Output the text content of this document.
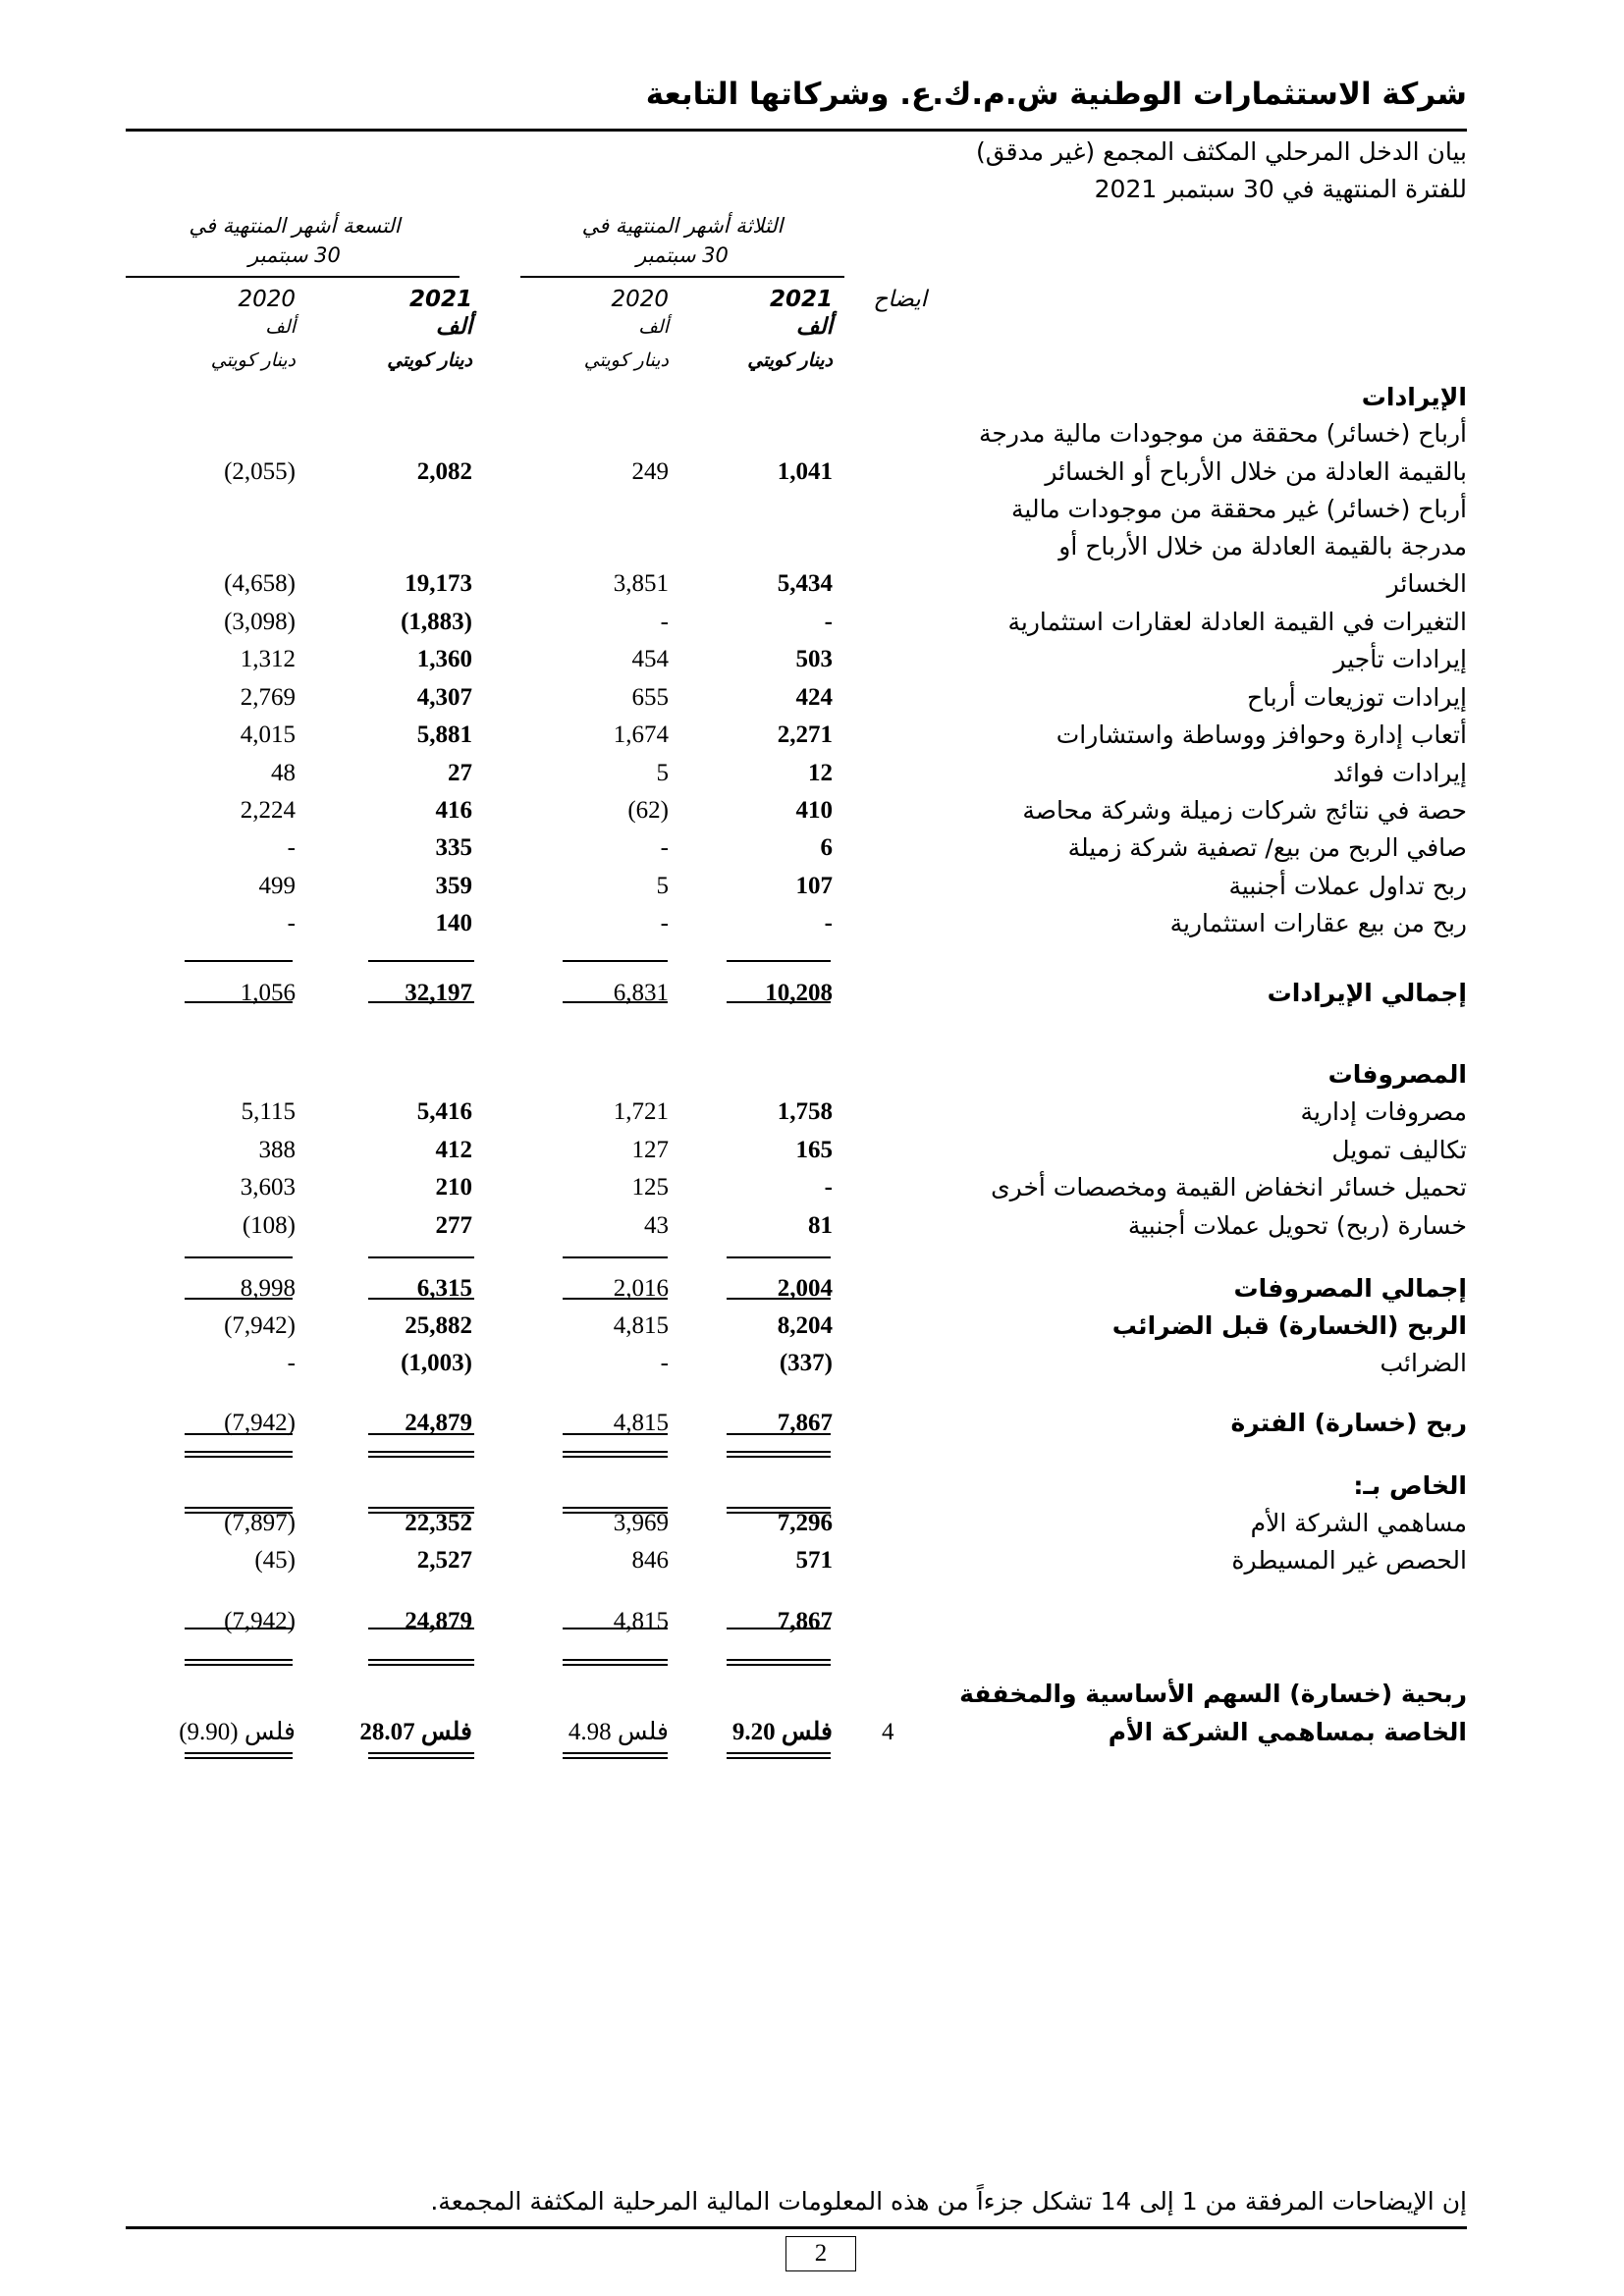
شركة الاستثمارات الوطنية ش.م.ك.ع. وشركاتها التابعة
بيان الدخل المرحلي المكثف المجمع (غير مدقق)
للفترة المنتهية في 30 سبتمبر 2021
الثلاثة أشهر المنتهية في
30 سبتمبر
التسعة أشهر المنتهية في
30 سبتمبر
ايضاح
2021
ألف
دينار كويتي
2020
ألف
دينار كويتي
2021
ألف
دينار كويتي
2020
ألف
دينار كويتي
الإيرادات
أرباح (خسائر) محققة من موجودات مالية مدرجة
بالقيمة العادلة من خلال الأرباح أو الخسائر
1,041
249
2,082
(2,055)
أرباح (خسائر) غير محققة من موجودات مالية
مدرجة بالقيمة العادلة من خلال الأرباح أو
الخسائر
5,434
3,851
19,173
(4,658)
التغيرات في القيمة العادلة لعقارات استثمارية
-
-
(1,883)
(3,098)
إيرادات تأجير
503
454
1,360
1,312
إيرادات توزيعات أرباح
424
655
4,307
2,769
أتعاب إدارة وحوافز ووساطة واستشارات
2,271
1,674
5,881
4,015
إيرادات فوائد
12
5
27
48
حصة في نتائج شركات زميلة وشركة محاصة
410
(62)
416
2,224
صافي الربح من بيع/ تصفية شركة زميلة
6
-
335
-
ربح تداول عملات أجنبية
107
5
359
499
ربح من بيع عقارات استثمارية
-
-
140
-
إجمالي الإيرادات
10,208
6,831
32,197
1,056
المصروفات
مصروفات إدارية
1,758
1,721
5,416
5,115
تكاليف تمويل
165
127
412
388
تحميل خسائر انخفاض القيمة ومخصصات أخرى
-
125
210
3,603
خسارة (ربح) تحويل عملات أجنبية
81
43
277
(108)
إجمالي المصروفات
2,004
2,016
6,315
8,998
الربح (الخسارة) قبل الضرائب
8,204
4,815
25,882
(7,942)
الضرائب
(337)
-
(1,003)
-
ربح (خسارة) الفترة
7,867
4,815
24,879
(7,942)
الخاص بـ:
مساهمي الشركة الأم
7,296
3,969
22,352
(7,897)
الحصص غير المسيطرة
571
846
2,527
(45)
7,867
4,815
24,879
(7,942)
ربحية (خسارة) السهم الأساسية والمخففة
الخاصة بمساهمي الشركة الأم
4
9.20 فلس
4.98 فلس
28.07 فلس
(9.90) فلس
إن الإيضاحات المرفقة من 1 إلى 14 تشكل جزءاً من هذه المعلومات المالية المرحلية المكثفة المجمعة.
2
